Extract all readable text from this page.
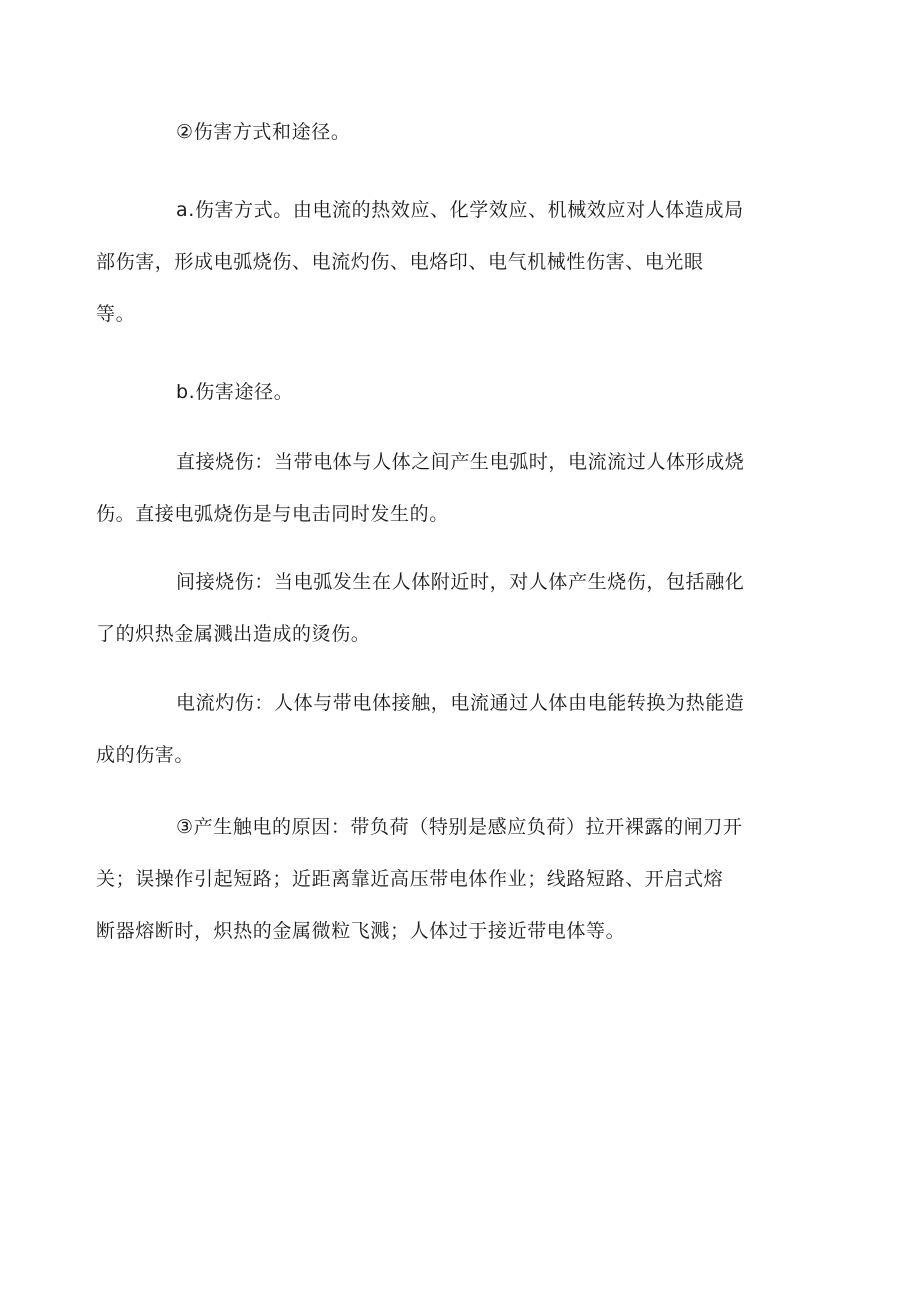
②伤害方式和途径。

a.伤害方式。由电流的热效应、化学效应、机械效应对人体造成局
部伤害，形成电弧烧伤、电流灼伤、电烙印、电气机械性伤害、电光眼
等。

b.伤害途径。

直接烧伤：当带电体与人体之间产生电弧时，电流流过人体形成烧
伤。直接电弧烧伤是与电击同时发生的。

间接烧伤：当电弧发生在人体附近时，对人体产生烧伤，包括融化
了的炽热金属溅出造成的烫伤。

电流灼伤：人体与带电体接触，电流通过人体由电能转换为热能造
成的伤害。

③产生触电的原因：带负荷（特别是感应负荷）拉开裸露的闸刀开
关；误操作引起短路；近距离靠近高压带电体作业；线路短路、开启式熔
断器熔断时，炽热的金属微粒飞溅；人体过于接近带电体等。
